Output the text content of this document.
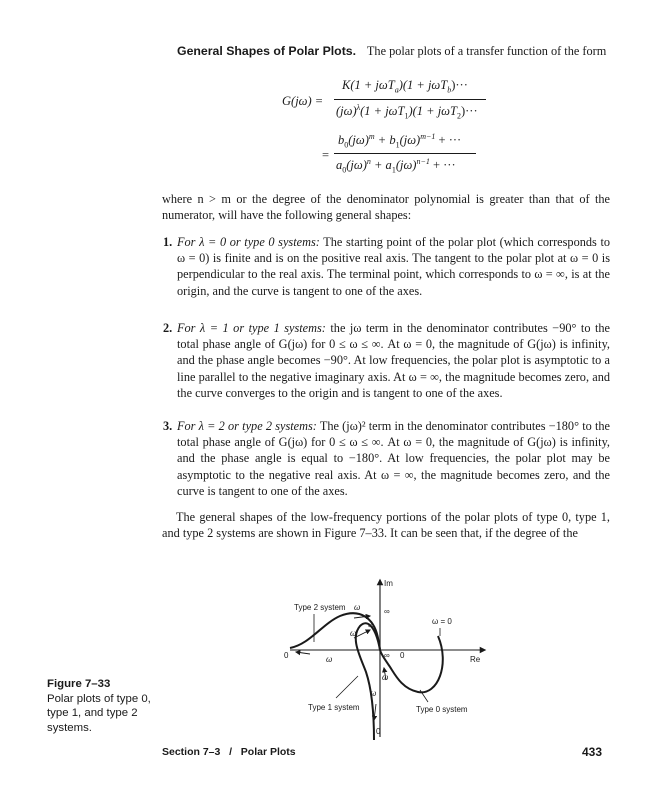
General Shapes of Polar Plots. The polar plots of a transfer function of the form
G(jω) =
K(1 + jωT$_a$)(1 + jωT$_b$)···
$(j\omega)^\lambda(1 + j\omega T_1)(1 + j\omega T_2)\cdot\cdot\cdot$
=
$b_0(j\omega)^m + b_1(j\omega)^{m-1}$ + ···
$a_0(j\omega)^n + a_1(j\omega)^{n-1}$ + ···
where n > m or the degree of the denominator polynomial is greater than that of the numerator, will have the following general shapes:
1. For λ = 0 or type 0 systems: The starting point of the polar plot (which corresponds to ω = 0) is finite and is on the positive real axis. The tangent to the polar plot at ω = 0 is perpendicular to the real axis. The terminal point, which corresponds to ω = ∞, is at the origin, and the curve is tangent to one of the axes.
2. For λ = 1 or type 1 systems: the jω term in the denominator contributes −90° to the total phase angle of G(jω) for 0 ≤ ω ≤ ∞. At ω = 0, the magnitude of G(jω) is infinity, and the phase angle becomes −90°. At low frequencies, the polar plot is asymptotic to a line parallel to the negative imaginary axis. At ω = ∞, the magnitude becomes zero, and the curve converges to the origin and is tangent to one of the axes.
3. For λ = 2 or type 2 systems: The (jω)² term in the denominator contributes −180° to the total phase angle of G(jω) for 0 ≤ ω ≤ ∞. At ω = 0, the magnitude of G(jω) is infinity, and the phase angle is equal to −180°. At low frequencies, the polar plot may be asymptotic to the negative real axis. At ω = ∞, the magnitude becomes zero, and the curve is tangent to one of the axes.
The general shapes of the low-frequency portions of the polar plots of type 0, type 1, and type 2 systems are shown in Figure 7–33. It can be seen that, if the degree of the
Figure 7–33
Polar plots of type 0, type 1, and type 2 systems.
Im
Re
Type 2 system
Type 1 system	Type 0 system
ω = 0
0	0
0
ω
ω
ω
ω
ω
∞
∞
∞
Section 7–3   /   Polar Plots	433
